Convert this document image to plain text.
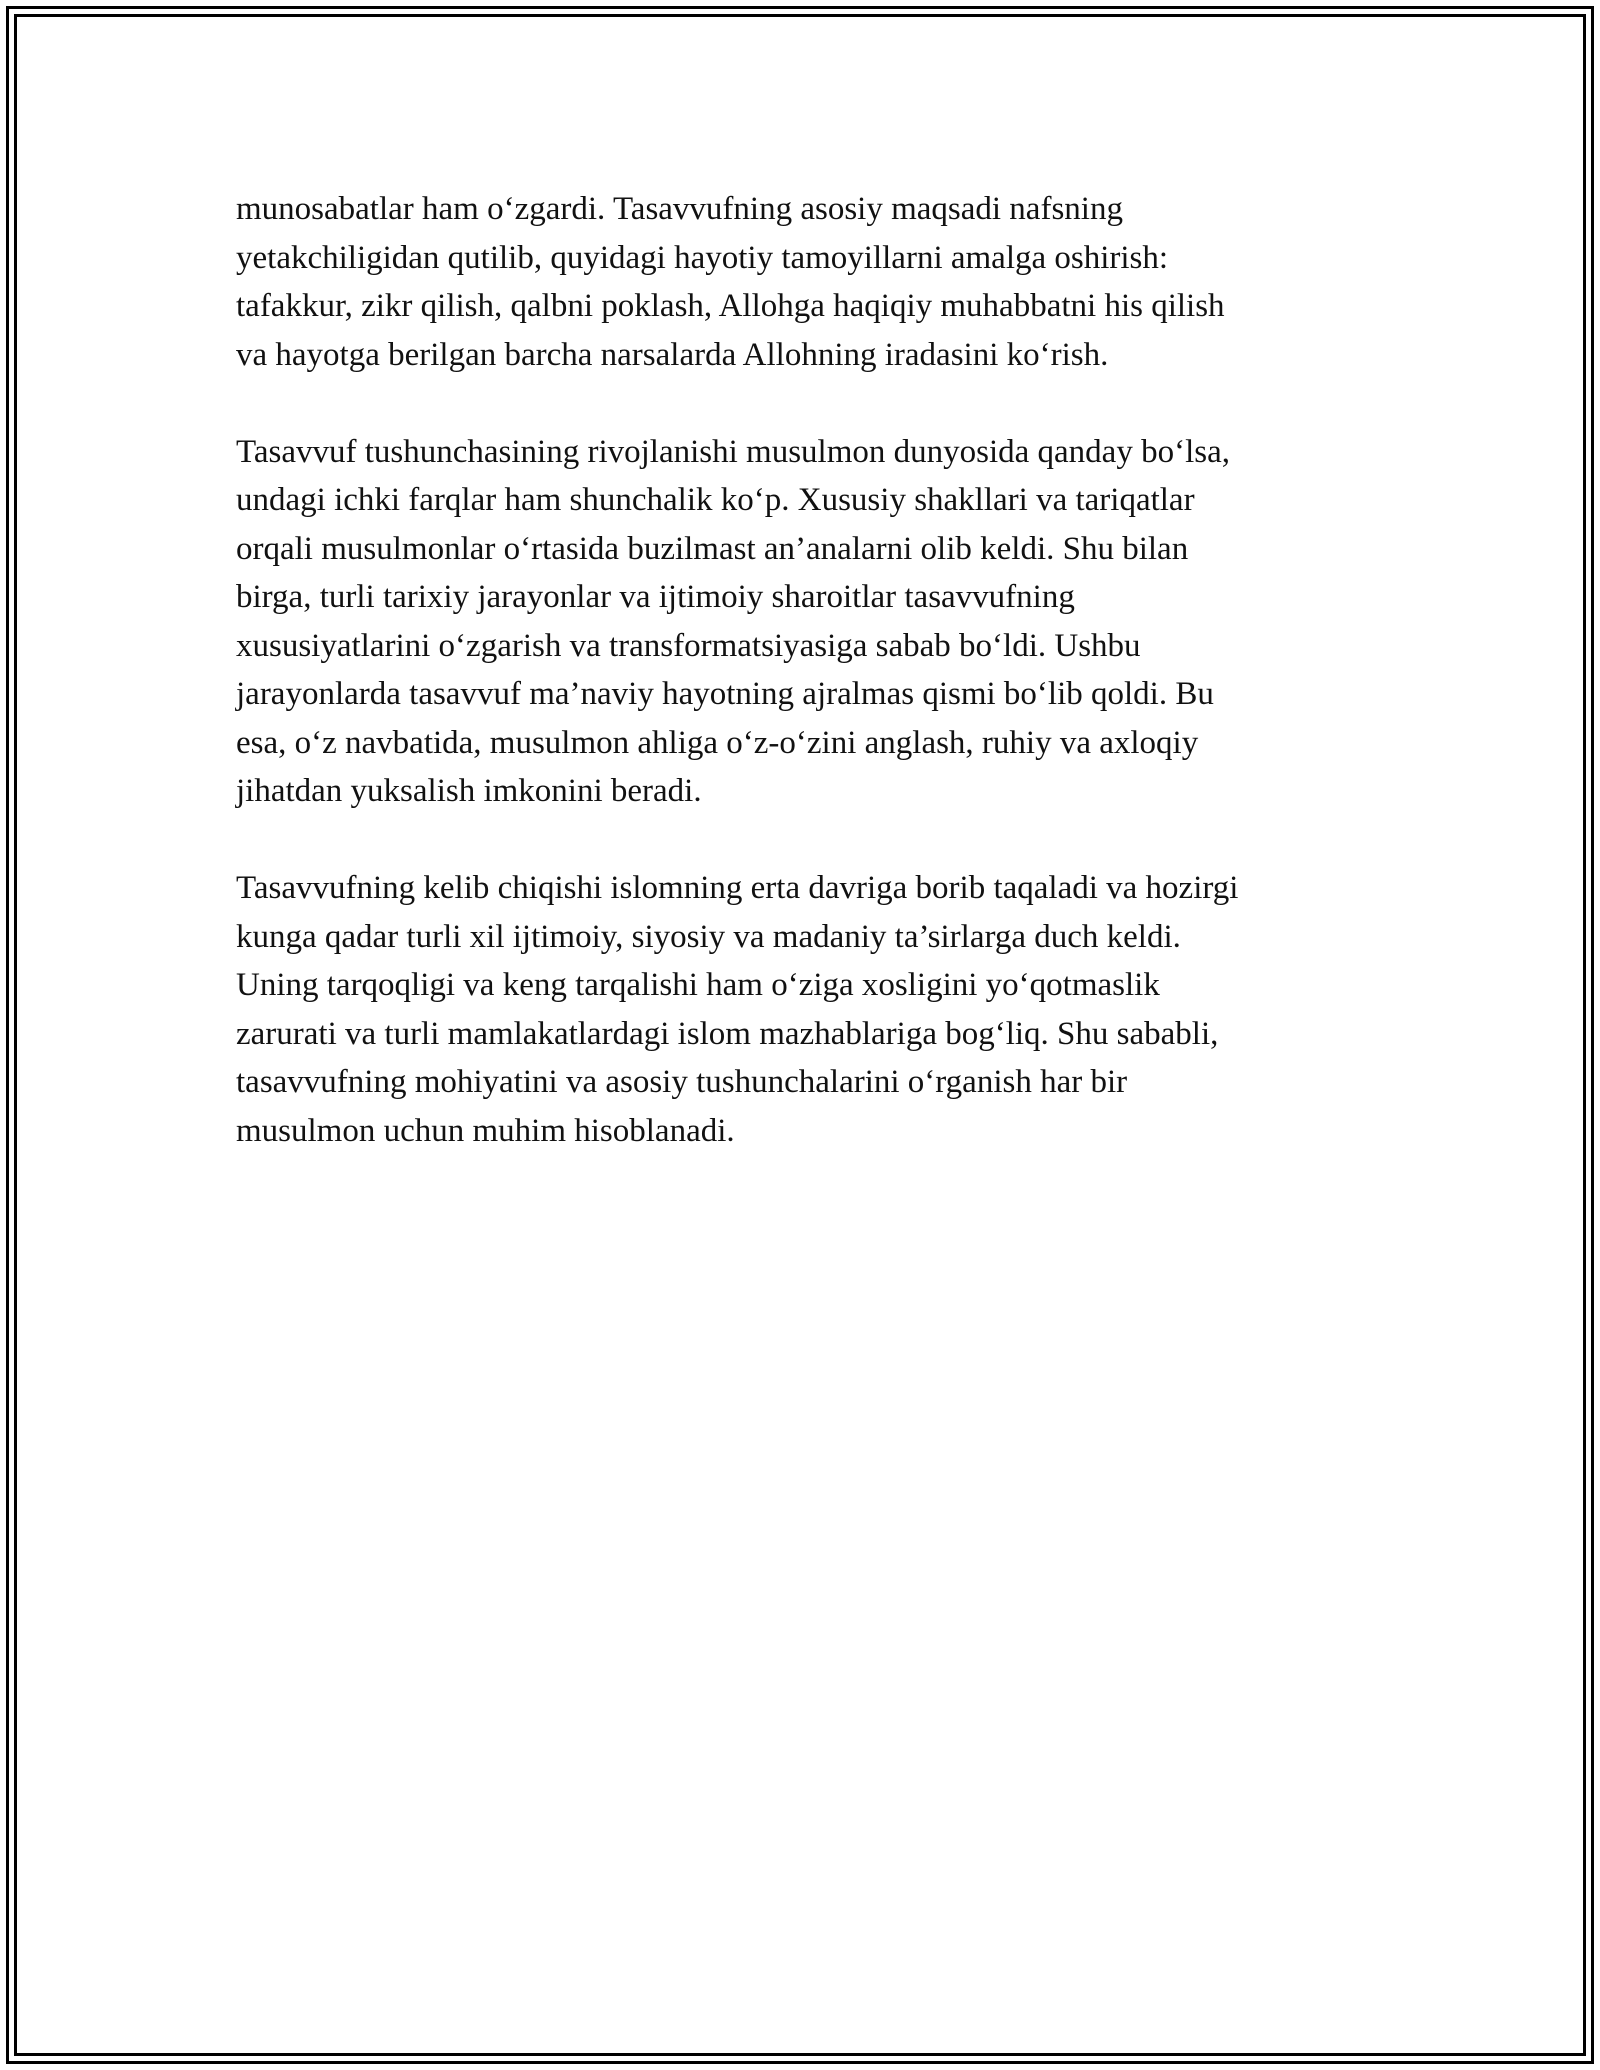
munosabatlar ham o‘zgardi. Tasavvufning asosiy maqsadi nafsning
yetakchiligidan qutilib, quyidagi hayotiy tamoyillarni amalga oshirish:
tafakkur, zikr qilish, qalbni poklash, Allohga haqiqiy muhabbatni his qilish
va hayotga berilgan barcha narsalarda Allohning iradasini ko‘rish.

Tasavvuf tushunchasining rivojlanishi musulmon dunyosida qanday bo‘lsa,
undagi ichki farqlar ham shunchalik ko‘p. Xususiy shakllari va tariqatlar
orqali musulmonlar o‘rtasida buzilmast an’analarni olib keldi. Shu bilan
birga, turli tarixiy jarayonlar va ijtimoiy sharoitlar tasavvufning
xususiyatlarini o‘zgarish va transformatsiyasiga sabab bo‘ldi. Ushbu
jarayonlarda tasavvuf ma’naviy hayotning ajralmas qismi bo‘lib qoldi. Bu
esa, o‘z navbatida, musulmon ahliga o‘z-o‘zini anglash, ruhiy va axloqiy
jihatdan yuksalish imkonini beradi.

Tasavvufning kelib chiqishi islomning erta davriga borib taqaladi va hozirgi
kunga qadar turli xil ijtimoiy, siyosiy va madaniy ta’sirlarga duch keldi.
Uning tarqoqligi va keng tarqalishi ham o‘ziga xosligini yo‘qotmaslik
zarurati va turli mamlakatlardagi islom mazhablariga bog‘liq. Shu sababli,
tasavvufning mohiyatini va asosiy tushunchalarini o‘rganish har bir
musulmon uchun muhim hisoblanadi.
